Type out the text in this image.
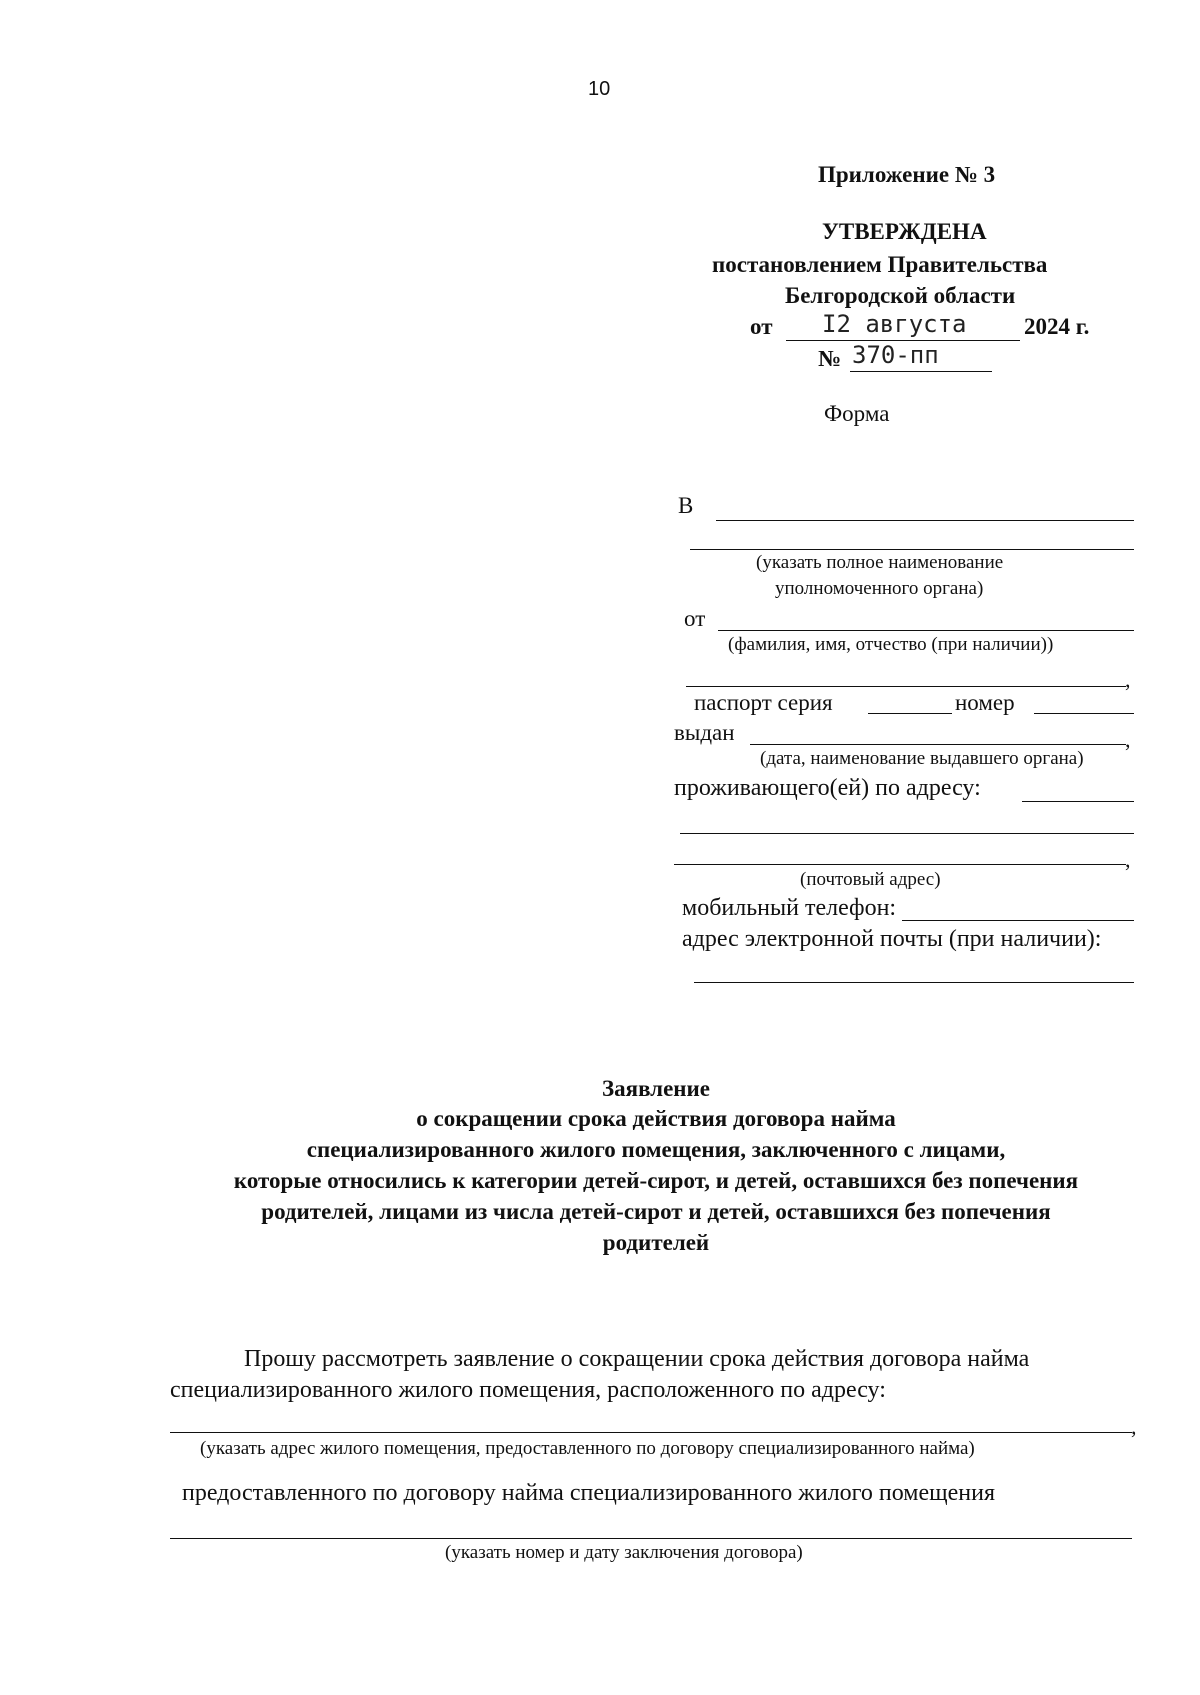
10
Приложение № 3
УТВЕРЖДЕНА
постановлением Правительства
Белгородской области
от I2 августа	2024 г.
№ 370-пп
Форма
В
(указать полное наименование
уполномоченного органа)
от
(фамилия, имя, отчество (при наличии))
,
паспорт серия	номер
выдан	,
(дата, наименование выдавшего органа)
проживающего(ей) по адресу:
,
(почтовый адрес)
мобильный телефон:
адрес электронной почты (при наличии):
Заявление
о сокращении срока действия договора найма
специализированного жилого помещения, заключенного с лицами,
которые относились к категории детей-сирот, и детей, оставшихся без попечения
родителей, лицами из числа детей-сирот и детей, оставшихся без попечения
родителей
Прошу рассмотреть заявление о сокращении срока действия договора найма
специализированного жилого помещения, расположенного по адресу:
,
(указать адрес жилого помещения, предоставленного по договору специализированного найма)
предоставленного по договору найма специализированного жилого помещения
(указать номер и дату заключения договора)
